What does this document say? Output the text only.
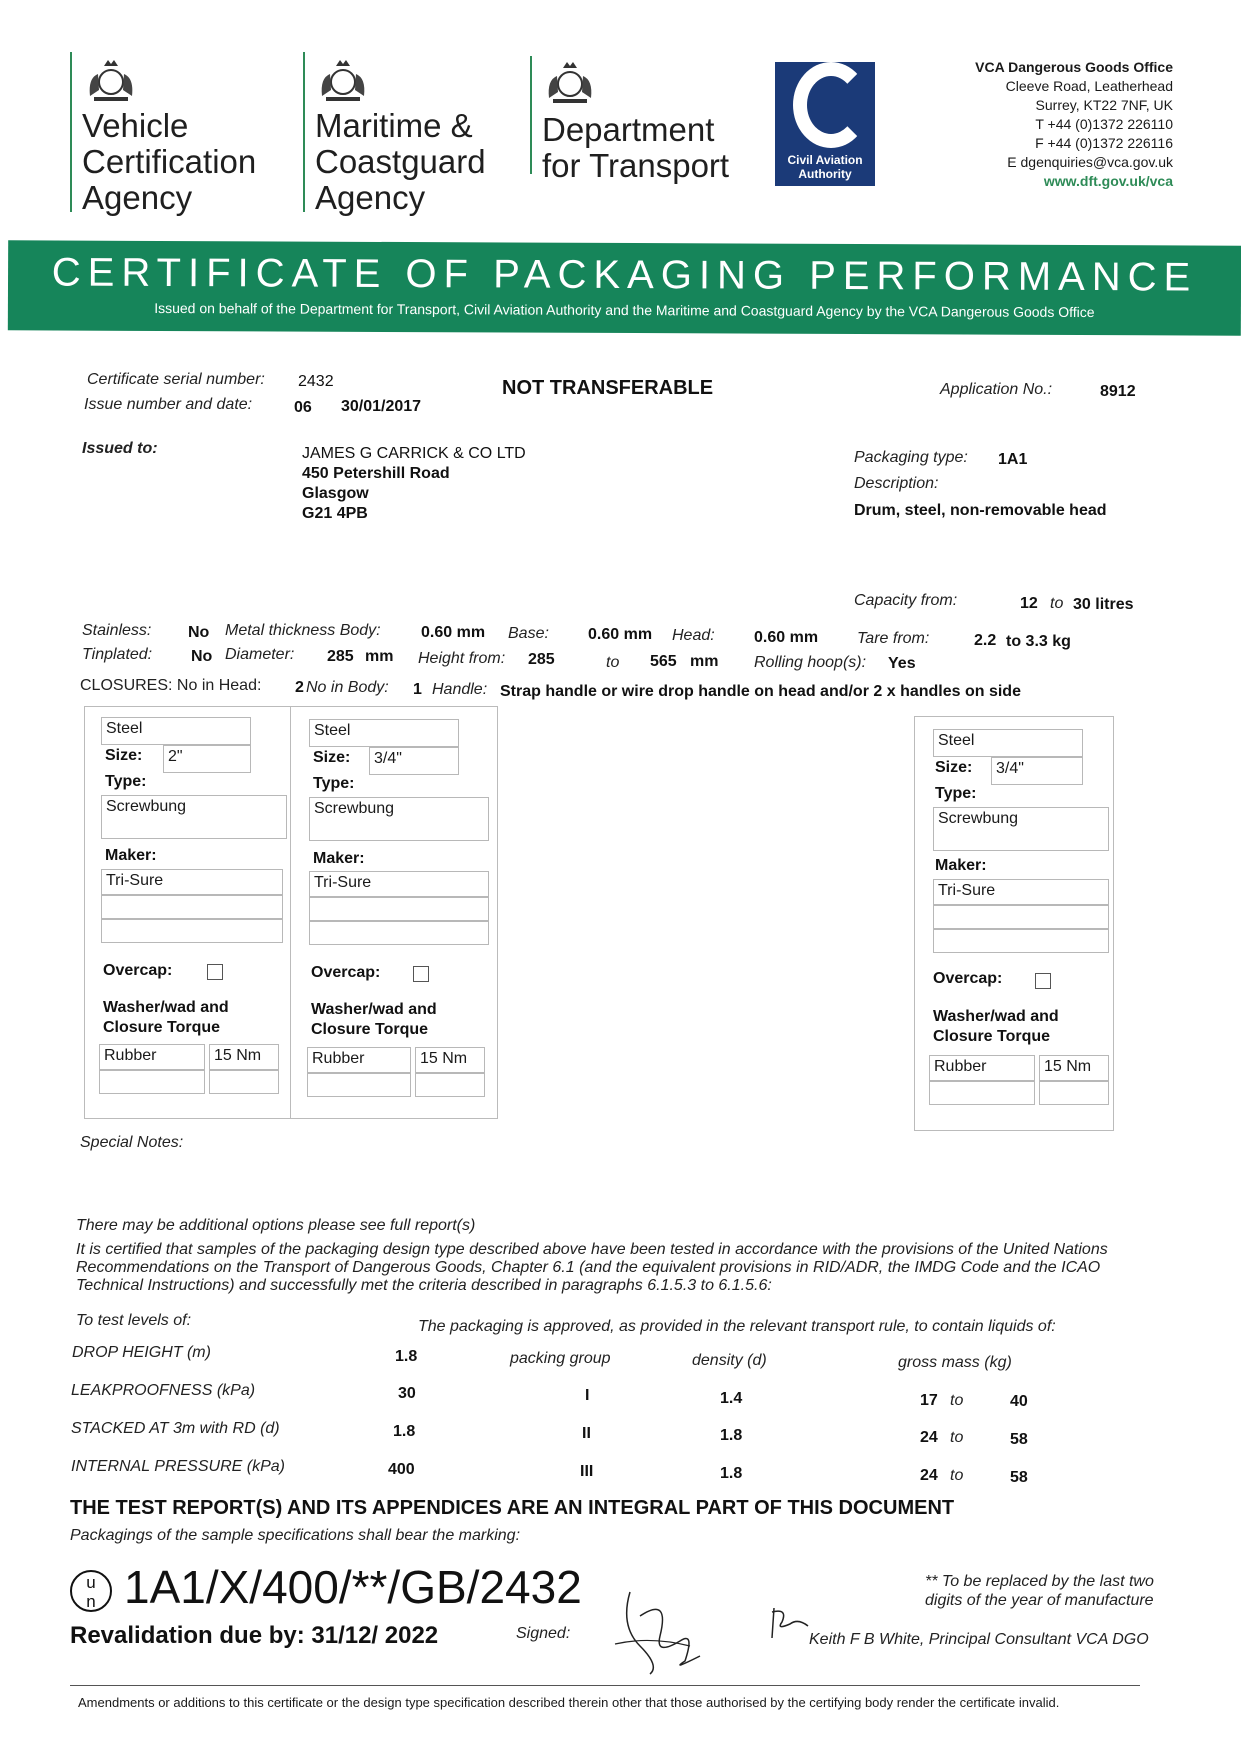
Vehicle
Certification
Agency
Maritime &
Coastguard
Agency
Department
for Transport	Civil Aviation
Authority
VCA Dangerous Goods Office
Cleeve Road, Leatherhead
Surrey, KT22 7NF, UK
T +44 (0)1372 226110
F +44 (0)1372 226116
E dgenquiries@vca.gov.uk
www.dft.gov.uk/vca
CERTIFICATE OF PACKAGING PERFORMANCE
Issued on behalf of the Department for Transport, Civil Aviation Authority and the Maritime and Coastguard Agency by the VCA Dangerous Goods Office
Certificate serial number: 2432
Issue number and date:	06 30/01/2017
NOT TRANSFERABLE	Application No.:	8912
Issued to:	JAMES G CARRICK & CO LTD
450 Petershill Road
Glasgow
G21 4PB
Packaging type: 1A1
Description:
Drum, steel, non-removable head
Capacity from:	12 to 30 litres
Stainless: No Metal thickness Body:	0.60 mm Base: 0.60 mm Head: 0.60 mm Tare from:	2.2 to 3.3 kg
Tinplated: No Diameter: 285 mm Height from: 285	to 565 mm Rolling hoop(s): Yes
CLOSURES: No in Head: 2 No in Body: 1 Handle: Strap handle or wire drop handle on head and/or 2 x handles on side
Steel
Size:	2"
Type:
Screwbung
Maker:
Tri-Sure
Overcap:
Washer/wad and
Closure Torque
Rubber	15 Nm
Steel
Size:	3/4"
Type:
Screwbung
Maker:
Tri-Sure
Overcap:
Washer/wad and
Closure Torque
Rubber	15 Nm
Steel
Size:	3/4"
Type:
Screwbung
Maker:
Tri-Sure
Overcap:
Washer/wad and
Closure Torque
Rubber	15 Nm
Special Notes:
There may be additional options please see full report(s)
It is certified that samples of the packaging design type described above have been tested in accordance with the provisions of the United Nations Recommendations on the Transport of Dangerous Goods, Chapter 6.1 (and the equivalent provisions in RID/ADR, the IMDG Code and the ICAO Technical Instructions) and successfully met the criteria described in paragraphs 6.1.5.3 to 6.1.5.6:
To test levels of:	The packaging is approved, as provided in the relevant transport rule, to contain liquids of:
DROP HEIGHT (m)	1.8	packing group	density (d)	gross mass (kg)
LEAKPROOFNESS (kPa)	30	I	1.4	17 to	40
STACKED AT 3m with RD (d)	1.8	II	1.8	24 to	58
INTERNAL PRESSURE (kPa)	400	III	1.8	24 to	58
THE TEST REPORT(S) AND ITS APPENDICES ARE AN INTEGRAL PART OF THIS DOCUMENT
Packagings of the sample specifications shall bear the marking:
u
n 1A1/X/400/**/GB/2432	** To be replaced by the last two
digits of the year of manufacture
Revalidation due by: 31/12/ 2022	Signed:	Keith F B White, Principal Consultant VCA DGO
Amendments or additions to this certificate or the design type specification described therein other that those authorised by the certifying body render the certificate invalid.
